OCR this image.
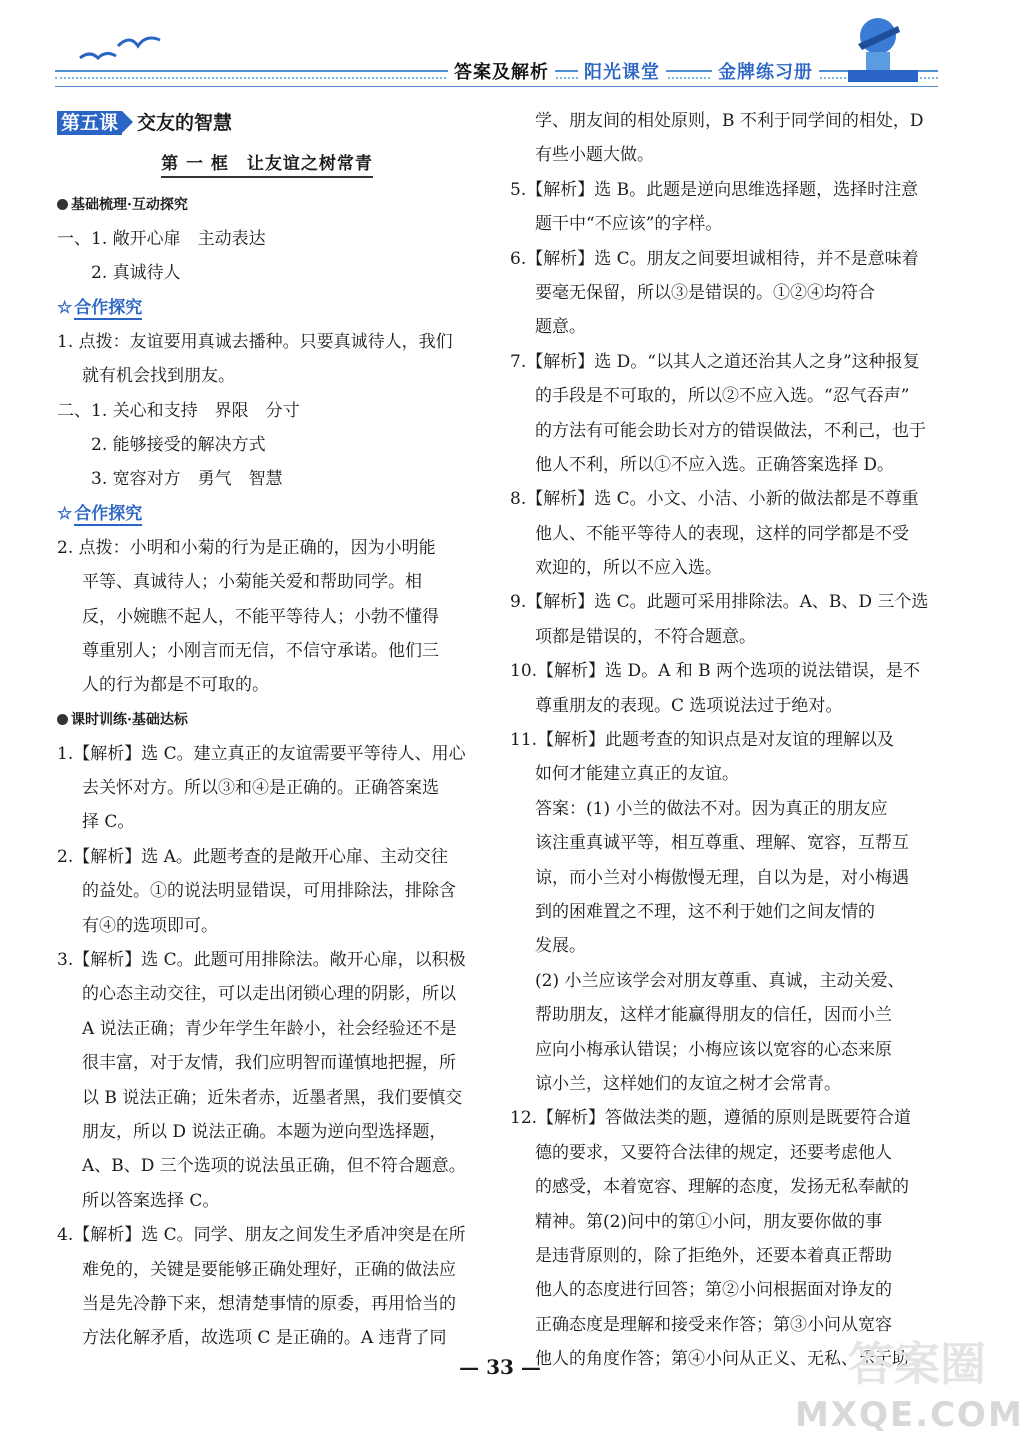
答案及解析	阳光课堂	金牌练习册
第五课 交友的智慧
第 一 框　让友谊之树常青
基础梳理·互动探究
一、1. 敞开心扉　主动表达
2. 真诚待人
☆ 合作探究
1. 点拨：友谊要用真诚去播种。只要真诚待人，我们
就有机会找到朋友。
二、1. 关心和支持　界限　分寸
2. 能够接受的解决方式
3. 宽容对方　勇气　智慧
☆ 合作探究
2. 点拨：小明和小菊的行为是正确的，因为小明能
平等、真诚待人；小菊能关爱和帮助同学。相
反，小婉瞧不起人，不能平等待人；小勃不懂得
尊重别人；小刚言而无信，不信守承诺。他们三
人的行为都是不可取的。
课时训练·基础达标
1.【解析】选 C。建立真正的友谊需要平等待人、用心
去关怀对方。所以③和④是正确的。正确答案选
择 C。
2.【解析】选 A。此题考查的是敞开心扉、主动交往
的益处。①的说法明显错误，可用排除法，排除含
有④的选项即可。
3.【解析】选 C。此题可用排除法。敞开心扉，以积极
的心态主动交往，可以走出闭锁心理的阴影，所以
A 说法正确；青少年学生年龄小，社会经验还不是
很丰富，对于友情，我们应明智而谨慎地把握，所
以 B 说法正确；近朱者赤，近墨者黑，我们要慎交
朋友，所以 D 说法正确。本题为逆向型选择题，
A、B、D 三个选项的说法虽正确，但不符合题意。
所以答案选择 C。
4.【解析】选 C。同学、朋友之间发生矛盾冲突是在所
难免的，关键是要能够正确处理好，正确的做法应
当是先冷静下来，想清楚事情的原委，再用恰当的
方法化解矛盾，故选项 C 是正确的。A 违背了同
学、朋友间的相处原则，B 不利于同学间的相处，D
有些小题大做。
5.【解析】选 B。此题是逆向思维选择题，选择时注意
题干中“不应该”的字样。
6.【解析】选 C。朋友之间要坦诚相待，并不是意味着
要毫无保留，所以③是错误的。①②④均符合
题意。
7.【解析】选 D。“以其人之道还治其人之身”这种报复
的手段是不可取的，所以②不应入选。“忍气吞声”
的方法有可能会助长对方的错误做法，不利己，也于
他人不利，所以①不应入选。正确答案选择 D。
8.【解析】选 C。小文、小洁、小新的做法都是不尊重
他人、不能平等待人的表现，这样的同学都是不受
欢迎的，所以不应入选。
9.【解析】选 C。此题可采用排除法。A、B、D 三个选
项都是错误的，不符合题意。
10.【解析】选 D。A 和 B 两个选项的说法错误，是不
尊重朋友的表现。C 选项说法过于绝对。
11.【解析】此题考查的知识点是对友谊的理解以及
如何才能建立真正的友谊。
答案：(1) 小兰的做法不对。因为真正的朋友应
该注重真诚平等，相互尊重、理解、宽容，互帮互
谅，而小兰对小梅傲慢无理，自以为是，对小梅遇
到的困难置之不理，这不利于她们之间友情的
发展。
(2) 小兰应该学会对朋友尊重、真诚，主动关爱、
帮助朋友，这样才能赢得朋友的信任，因而小兰
应向小梅承认错误；小梅应该以宽容的心态来原
谅小兰，这样她们的友谊之树才会常青。
12.【解析】答做法类的题，遵循的原则是既要符合道
德的要求，又要符合法律的规定，还要考虑他人
的感受，本着宽容、理解的态度，发扬无私奉献的
精神。第(2)问中的第①小问，朋友要你做的事
是违背原则的，除了拒绝外，还要本着真正帮助
他人的态度进行回答；第②小问根据面对诤友的
正确态度是理解和接受来作答；第③小问从宽容
他人的角度作答；第④小问从正义、无私、乐于助
— 33 —	答案圈
MXQE.COM
